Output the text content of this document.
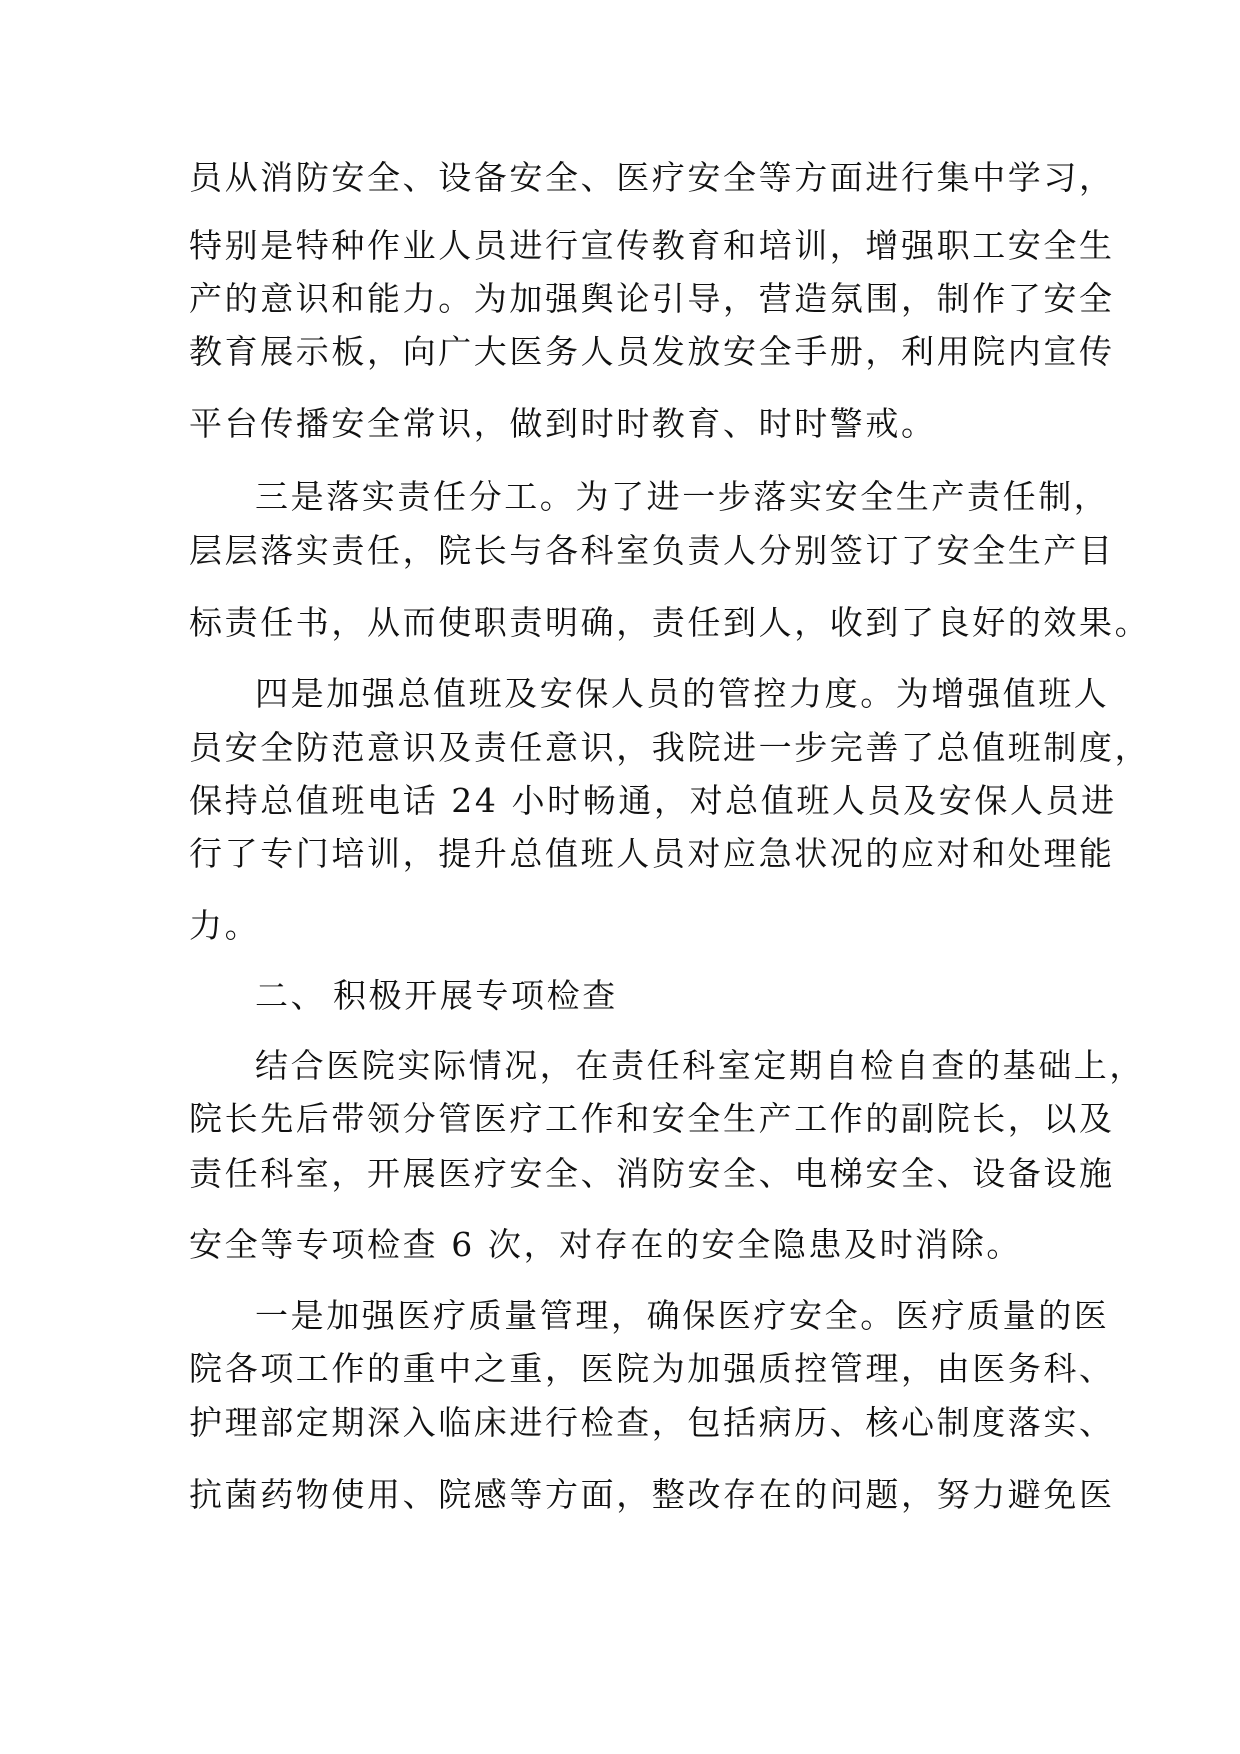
员从消防安全、设备安全、医疗安全等方面进行集中学习，
特别是特种作业人员进行宣传教育和培训，增强职工安全生
产的意识和能力。为加强舆论引导，营造氛围，制作了安全
教育展示板，向广大医务人员发放安全手册，利用院内宣传
平台传播安全常识，做到时时教育、时时警戒。
三是落实责任分工。为了进一步落实安全生产责任制，
层层落实责任，院长与各科室负责人分别签订了安全生产目
标责任书，从而使职责明确，责任到人，收到了良好的效果。
四是加强总值班及安保人员的管控力度。为增强值班人
员安全防范意识及责任意识，我院进一步完善了总值班制度，
保持总值班电话 24 小时畅通，对总值班人员及安保人员进
行了专门培训，提升总值班人员对应急状况的应对和处理能
力。
二、 积极开展专项检查
结合医院实际情况，在责任科室定期自检自查的基础上，
院长先后带领分管医疗工作和安全生产工作的副院长，以及
责任科室，开展医疗安全、消防安全、电梯安全、设备设施
安全等专项检查 6 次，对存在的安全隐患及时消除。
一是加强医疗质量管理，确保医疗安全。医疗质量的医
院各项工作的重中之重，医院为加强质控管理，由医务科、
护理部定期深入临床进行检查，包括病历、核心制度落实、
抗菌药物使用、院感等方面，整改存在的问题，努力避免医
